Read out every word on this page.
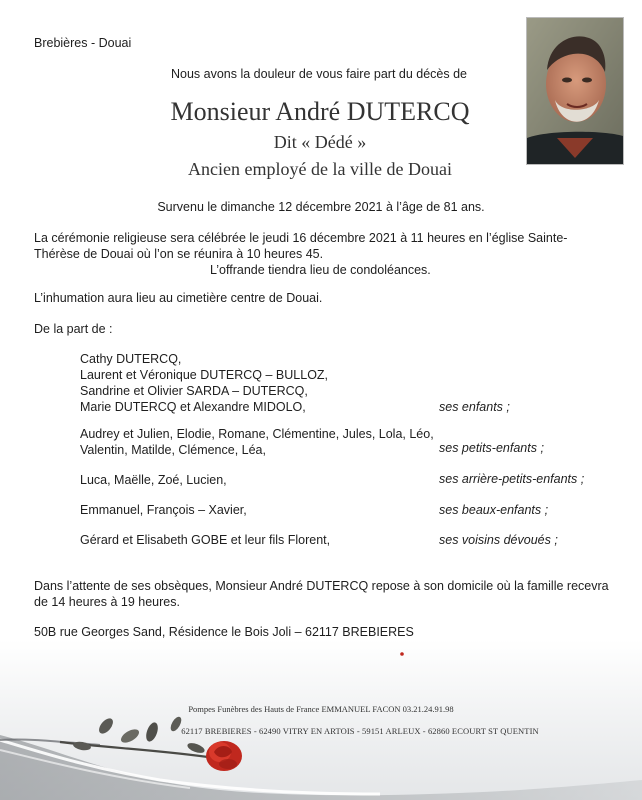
Brebières - Douai
Nous avons la douleur de vous faire part du décès de
Monsieur André DUTERCQ
Dit « Dédé »
Ancien employé de la ville de Douai
Survenu le dimanche 12 décembre 2021 à l’âge de 81 ans.

La cérémonie religieuse sera célébrée le jeudi 16 décembre 2021 à 11 heures en l’église Sainte-

Thérèse de Douai où l’on se réunira à 10 heures 45.

L’offrande tiendra lieu de condoléances.

L’inhumation aura lieu au cimetière centre de Douai.
De la part de :
Cathy DUTERCQ,
Laurent et Véronique DUTERCQ – BULLOZ,
Sandrine et Olivier SARDA – DUTERCQ,
Marie DUTERCQ et Alexandre MIDOLO,	ses enfants ;
Audrey et Julien, Elodie, Romane, Clémentine, Jules, Lola, Léo,
Valentin, Matilde, Clémence, Léa,	ses petits-enfants ;
Luca, Maëlle, Zoé, Lucien,	ses arrière-petits-enfants ;
Emmanuel, François – Xavier,	ses beaux-enfants ;
Gérard et Elisabeth GOBE et leur fils Florent,	ses voisins dévoués ;

Dans l’attente de ses obsèques, Monsieur André DUTERCQ repose à son domicile où la famille recevra

de 14 heures à 19 heures.

50B rue Georges Sand, Résidence le Bois Joli – 62117 BREBIERES
Pompes Funèbres des Hauts de France EMMANUEL FACON 03.21.24.91.98
62117 BREBIERES - 62490 VITRY EN ARTOIS - 59151 ARLEUX - 62860 ECOURT ST QUENTIN
